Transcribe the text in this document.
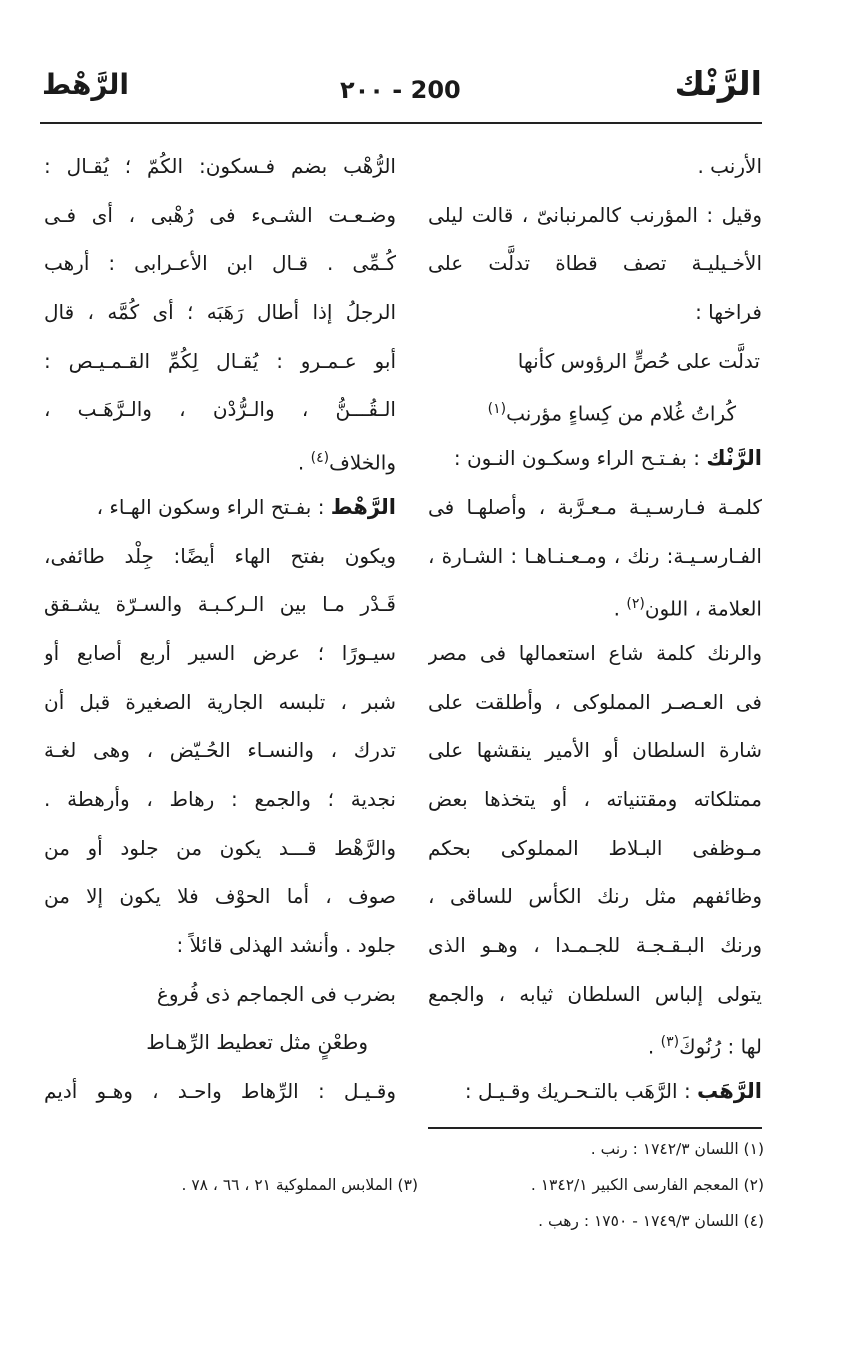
الرَّنْك
٢٠٠ - 200
الرَّهْط
الأرنب .
وقيل : المؤرنب كالمرنبانىّ ، قالت ليلى
الأخـيليـة تصف قطاة تدلَّت على
فراخها :
تدلَّت على حُصٍّ الرؤوس كأنها
كُراتُ غُلام من كِساءٍ مؤرنب$^{(١)}$
الرَّنْك : بفـتـح الراء وسكـون النـون :
كلمـة فـارسـيـة مـعـرَّبة ، وأصلهـا فى
الفـارسـيـة: رنك ، ومـعـنـاهـا : الشـارة ،
العلامة ، اللون$^{(٢)}$ .
والرنك كلمة شاع استعمالها فى مصر
فى العـصـر المملوكى ، وأطلقت على
شارة السلطان أو الأمير ينقشها على
ممتلكاته ومقتنياته ، أو يتخذها بعض
مـوظفى البـلاط المملوكى بحكم
وظائفهم مثل رنك الكأس للساقى ،
ورنك البـقـجـة للجـمـدا ، وهـو الذى
يتولى إلباس السلطان ثيابه ، والجمع
لها : رُنُوكَ$^{(٣)}$ .
الرَّهَب : الرَّهَب بالتـحـريك وقـيـل :
الرُّهْب بضم فـسكون: الكُمّ ؛ يُقـال :
وضـعـت الشـىء فى رُهْبى ، أى فـى
كُـمِّى . قـال ابن الأعـرابى : أرهب
الرجلُ إذا أطال رَهَبَه ؛ أى كُمَّه ، قال
أبو عـمـرو : يُقـال لِكُمِّ القـمـيـص :
الـقُـــنُّ ، والـرُّدْن ، والـرَّهَـب ،
والخلاف$^{(٤)}$ .
الرَّهْط : بفـتح الراء وسكون الهـاء ،
ويكون بفتح الهاء أيضًا: جِلْد طائفى،
قَـدْر مـا بين الـركـبـة والسـرّة يشـقق
سيـورًا ؛ عرض السير أربع أصابع أو
شبر ، تلبسه الجارية الصغيرة قبل أن
تدرك ، والنسـاء الحُـيّض ، وهى لغـة
نجدية ؛ والجمع : رهاط ، وأرهطة .
والرَّهْط قـــد يكون من جلود أو من
صوف ، أما الحوْف فلا يكون إلا من
جلود . وأنشد الهذلى قائلاً :
بضرب فى الجماجم ذى فُروغ
وطعْنٍ مثل تعطيط الرِّهـاط
وقـيـل : الرِّهاط واحـد ، وهـو أديم
(١) اللسان ١٧٤٢/٣ : رنب .
(٢) المعجم الفارسى الكبير ١٣٤٢/١ .
(٣) الملابس المملوكية ٢١ ، ٦٦ ، ٧٨ .
(٤) اللسان ١٧٤٩/٣ - ١٧٥٠ : رهب .
